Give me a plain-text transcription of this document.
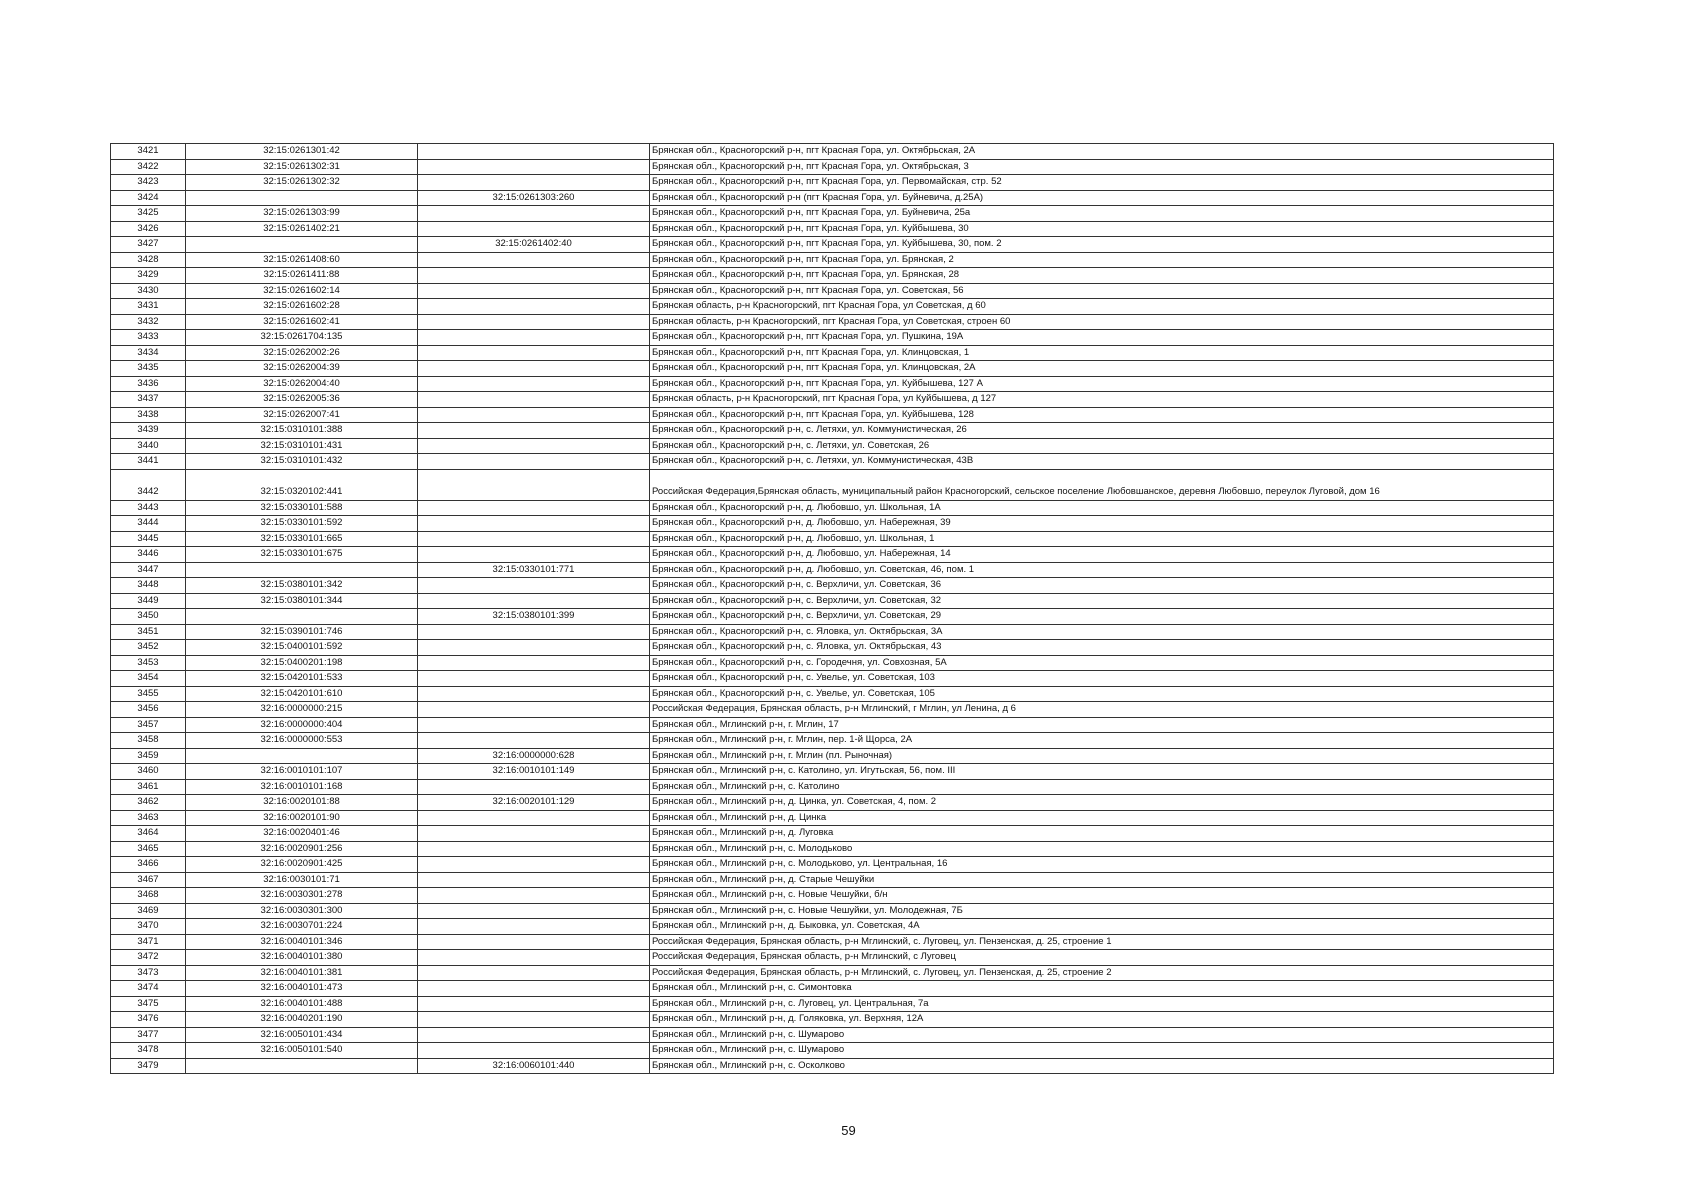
3421	32:15:0261301:42		Брянская обл., Красногорский р-н, пгт Красная Гора, ул. Октябрьская, 2А
3422	32:15:0261302:31		Брянская обл., Красногорский р-н, пгт Красная Гора, ул. Октябрьская, 3
3423	32:15:0261302:32		Брянская обл., Красногорский р-н, пгт Красная Гора, ул. Первомайская, стр. 52
3424		32:15:0261303:260	Брянская обл., Красногорский р-н (пгт Красная Гора, ул. Буйневича, д.25А)
3425	32:15:0261303:99		Брянская обл., Красногорский р-н, пгт Красная Гора, ул. Буйневича, 25а
3426	32:15:0261402:21		Брянская обл., Красногорский р-н, пгт Красная Гора, ул. Куйбышева, 30
3427		32:15:0261402:40	Брянская обл., Красногорский р-н, пгт Красная Гора, ул. Куйбышева, 30, пом. 2
3428	32:15:0261408:60		Брянская обл., Красногорский р-н, пгт Красная Гора, ул. Брянская, 2
3429	32:15:0261411:88		Брянская обл., Красногорский р-н, пгт Красная Гора, ул. Брянская, 28
3430	32:15:0261602:14		Брянская обл., Красногорский р-н, пгт Красная Гора, ул. Советская, 56
3431	32:15:0261602:28		Брянская область, р-н Красногорский, пгт Красная Гора, ул Советская, д 60
3432	32:15:0261602:41		Брянская область, р-н Красногорский, пгт Красная Гора, ул Советская, строен 60
3433	32:15:0261704:135		Брянская обл., Красногорский р-н, пгт Красная Гора, ул. Пушкина, 19А
3434	32:15:0262002:26		Брянская обл., Красногорский р-н, пгт Красная Гора, ул. Клинцовская, 1
3435	32:15:0262004:39		Брянская обл., Красногорский р-н, пгт Красная Гора, ул. Клинцовская, 2А
3436	32:15:0262004:40		Брянская обл., Красногорский р-н, пгт Красная Гора, ул. Куйбышева, 127 А
3437	32:15:0262005:36		Брянская область, р-н Красногорский, пгт Красная Гора, ул Куйбышева, д 127
3438	32:15:0262007:41		Брянская обл., Красногорский р-н, пгт Красная Гора, ул. Куйбышева, 128
3439	32:15:0310101:388		Брянская обл., Красногорский р-н, с. Летяхи, ул. Коммунистическая, 26
3440	32:15:0310101:431		Брянская обл., Красногорский р-н, с. Летяхи, ул. Советская, 26
3441	32:15:0310101:432		Брянская обл., Красногорский р-н, с. Летяхи, ул. Коммунистическая, 43В
3442	32:15:0320102:441		Российская Федерация,Брянская область, муниципальный район Красногорский, сельское поселение Любовшанское, деревня Любовшо, переулок Луговой, дом 16
3443	32:15:0330101:588		Брянская обл., Красногорский р-н, д. Любовшо, ул. Школьная, 1А
3444	32:15:0330101:592		Брянская обл., Красногорский р-н, д. Любовшо, ул. Набережная, 39
3445	32:15:0330101:665		Брянская обл., Красногорский р-н, д. Любовшо, ул. Школьная, 1
3446	32:15:0330101:675		Брянская обл., Красногорский р-н, д. Любовшо, ул. Набережная, 14
3447		32:15:0330101:771	Брянская обл., Красногорский р-н, д. Любовшо, ул. Советская, 46, пом. 1
3448	32:15:0380101:342		Брянская обл., Красногорский р-н, с. Верхличи, ул. Советская, 36
3449	32:15:0380101:344		Брянская обл., Красногорский р-н, с. Верхличи, ул. Советская, 32
3450		32:15:0380101:399	Брянская обл., Красногорский р-н, с. Верхличи, ул. Советская, 29
3451	32:15:0390101:746		Брянская обл., Красногорский р-н, с. Яловка, ул. Октябрьская, 3А
3452	32:15:0400101:592		Брянская обл., Красногорский р-н, с. Яловка, ул. Октябрьская, 43
3453	32:15:0400201:198		Брянская обл., Красногорский р-н, с. Городечня, ул. Совхозная, 5А
3454	32:15:0420101:533		Брянская обл., Красногорский р-н, с. Увелье, ул. Советская, 103
3455	32:15:0420101:610		Брянская обл., Красногорский р-н, с. Увелье, ул. Советская, 105
3456	32:16:0000000:215		Российская Федерация, Брянская область, р-н Мглинский, г Мглин, ул Ленина, д 6
3457	32:16:0000000:404		Брянская обл., Мглинский р-н, г. Мглин, 17
3458	32:16:0000000:553		Брянская обл., Мглинский р-н, г. Мглин, пер. 1-й Щорса, 2А
3459		32:16:0000000:628	Брянская обл., Мглинский р-н, г. Мглин (пл. Рыночная)
3460	32:16:0010101:107	32:16:0010101:149	Брянская обл., Мглинский р-н, с. Католино, ул. Игутьская, 56, пом. III
3461	32:16:0010101:168		Брянская обл., Мглинский р-н, с. Католино
3462	32:16:0020101:88	32:16:0020101:129	Брянская обл., Мглинский р-н, д. Цинка, ул. Советская, 4, пом. 2
3463	32:16:0020101:90		Брянская обл., Мглинский р-н, д. Цинка
3464	32:16:0020401:46		Брянская обл., Мглинский р-н, д. Луговка
3465	32:16:0020901:256		Брянская обл., Мглинский р-н, с. Молодьково
3466	32:16:0020901:425		Брянская обл., Мглинский р-н, с. Молодьково, ул. Центральная, 16
3467	32:16:0030101:71		Брянская обл., Мглинский р-н, д. Старые Чешуйки
3468	32:16:0030301:278		Брянская обл., Мглинский р-н, с. Новые Чешуйки, б/н
3469	32:16:0030301:300		Брянская обл., Мглинский р-н, с. Новые Чешуйки, ул. Молодежная, 7Б
3470	32:16:0030701:224		Брянская обл., Мглинский р-н, д. Быковка, ул. Советская, 4А
3471	32:16:0040101:346		Российская Федерация, Брянская область, р-н Мглинский, с. Луговец, ул. Пензенская, д. 25, строение 1
3472	32:16:0040101:380		Российская Федерация, Брянская область, р-н Мглинский, с Луговец
3473	32:16:0040101:381		Российская Федерация, Брянская область, р-н Мглинский, с. Луговец, ул. Пензенская, д. 25, строение 2
3474	32:16:0040101:473		Брянская обл., Мглинский р-н, с. Симонтовка
3475	32:16:0040101:488		Брянская обл., Мглинский р-н, с. Луговец, ул. Центральная, 7а
3476	32:16:0040201:190		Брянская обл., Мглинский р-н, д. Голяковка, ул. Верхняя, 12А
3477	32:16:0050101:434		Брянская обл., Мглинский р-н, с. Шумарово
3478	32:16:0050101:540		Брянская обл., Мглинский р-н, с. Шумарово
3479		32:16:0060101:440	Брянская обл., Мглинский р-н, с. Осколково
59
